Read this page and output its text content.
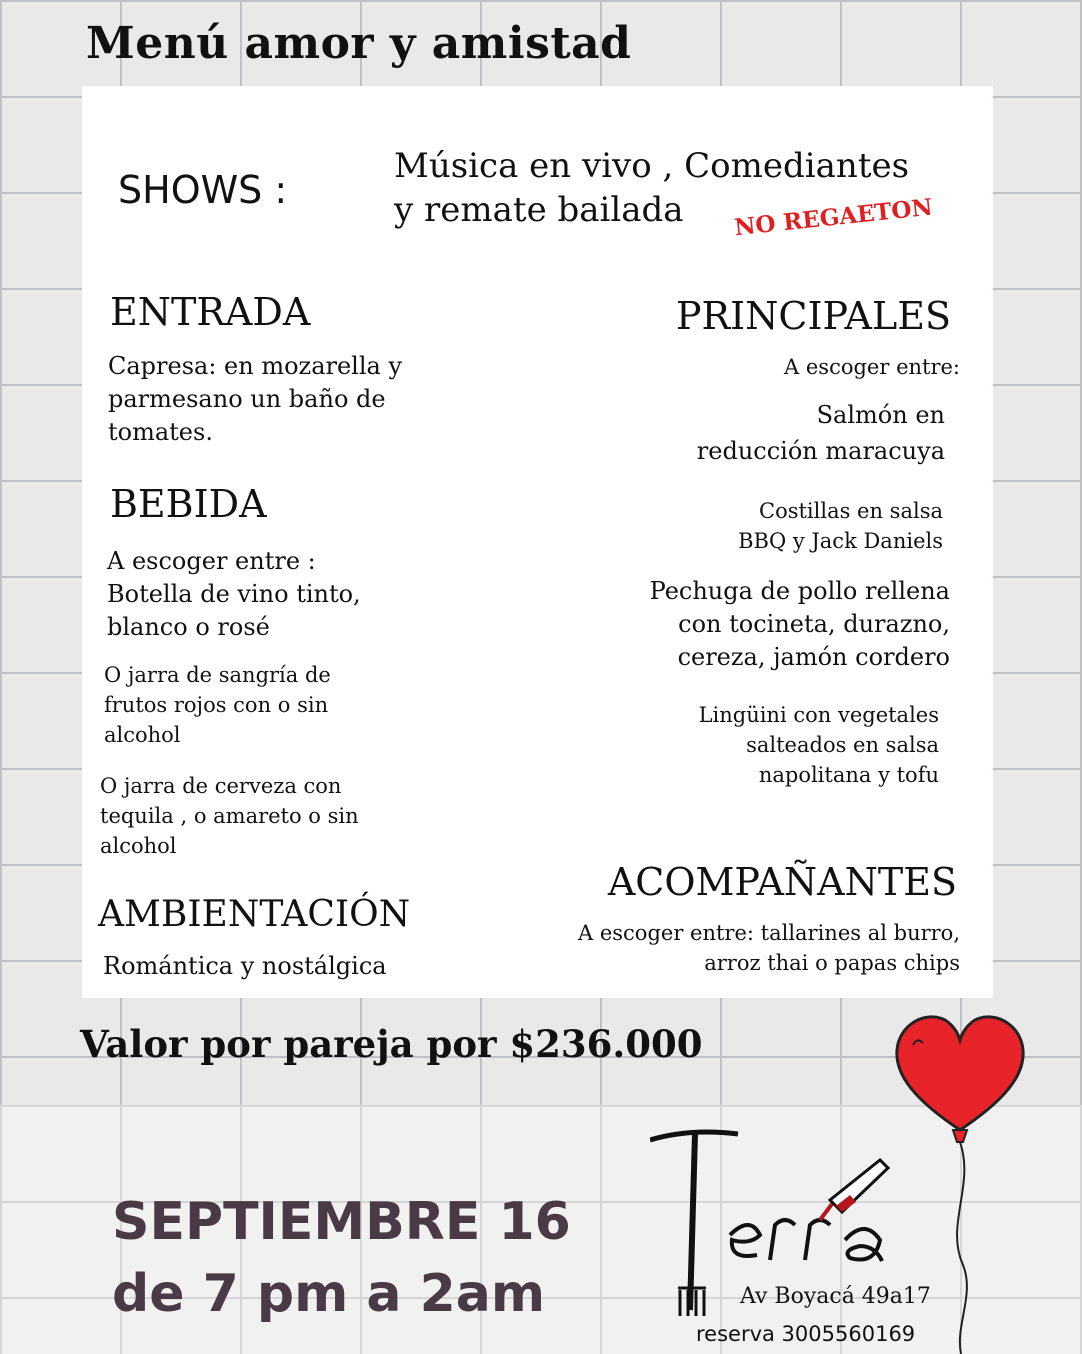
Menú amor y amistad
SHOWS :
Música en vivo , Comediantes
y remate bailada NO REGAETON
ENTRADA
Capresa: en mozarella y
parmesano un baño de
tomates.
BEBIDA
A escoger entre :
Botella de vino tinto,
blanco o rosé
O jarra de sangría de
frutos rojos con o sin
alcohol
O jarra de cerveza con
tequila , o amareto o sin
alcohol
AMBIENTACIÓN
Romántica y nostálgica
PRINCIPALES
A escoger entre:
Salmón en
reducción maracuya
Costillas en salsa
BBQ y Jack Daniels
Pechuga de pollo rellena
con tocineta, durazno,
cereza, jamón cordero
Lingüini con vegetales
salteados en salsa
napolitana y tofu
ACOMPAÑANTES
A escoger entre: tallarines al burro,
arroz thai o papas chips
Valor por pareja por $236.000
SEPTIEMBRE 16
de 7 pm a 2am	Av Boyacá 49a17
reserva 3005560169
